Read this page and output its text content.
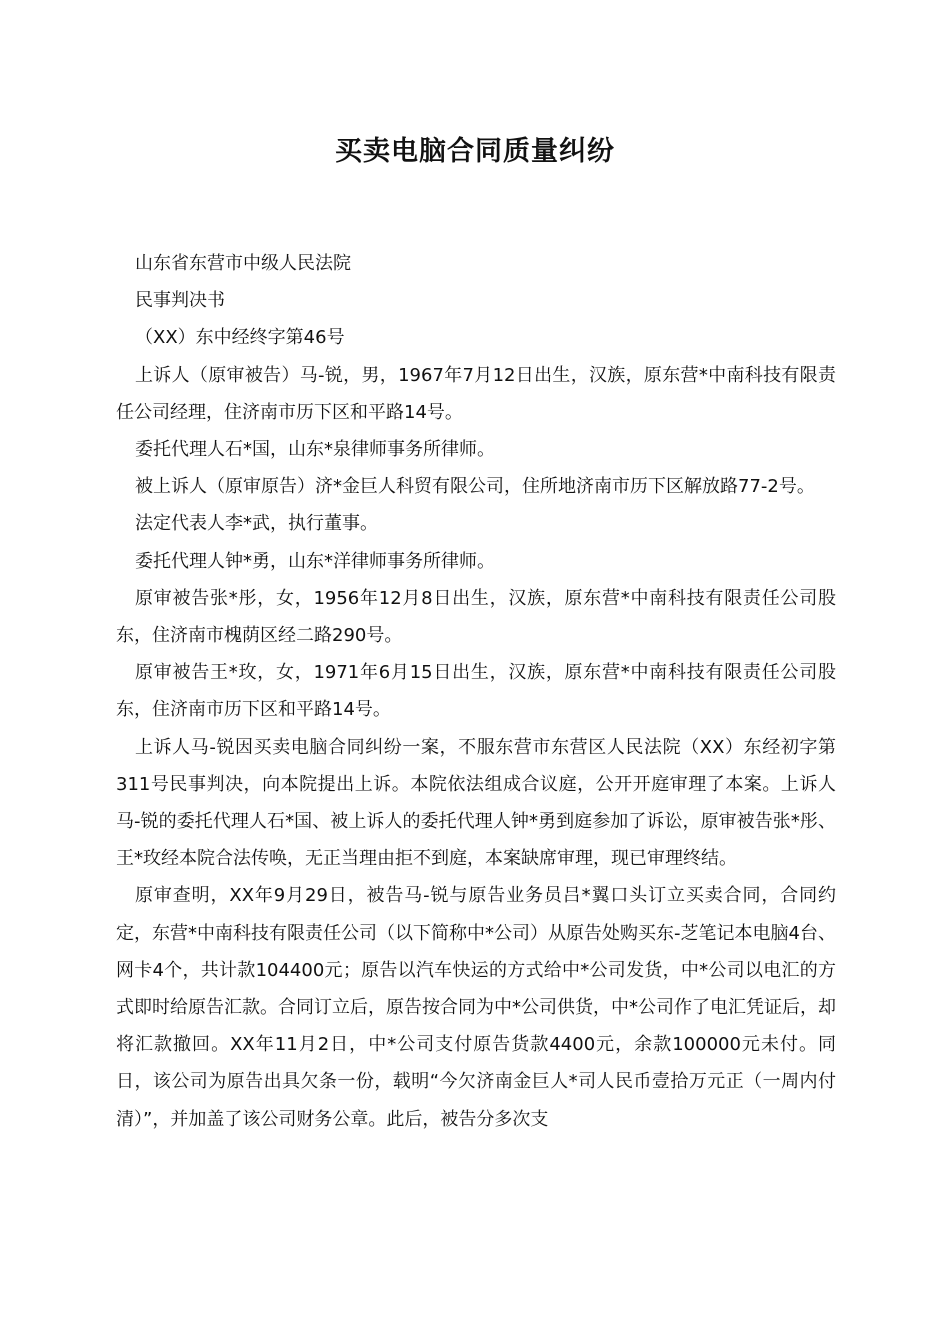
买卖电脑合同质量纠纷

山东省东营市中级人民法院

民事判决书

（XX）东中经终字第46号

上诉人（原审被告）马-锐，男，1967年7月12日出生，汉族，原东营*中南科技有限责任公司经理，住济南市历下区和平路14号。

委托代理人石*国，山东*泉律师事务所律师。

被上诉人（原审原告）济*金巨人科贸有限公司，住所地济南市历下区解放路77-2号。

法定代表人李*武，执行董事。

委托代理人钟*勇，山东*洋律师事务所律师。

原审被告张*彤，女，1956年12月8日出生，汉族，原东营*中南科技有限责任公司股东，住济南市槐荫区经二路290号。

原审被告王*玫，女，1971年6月15日出生，汉族，原东营*中南科技有限责任公司股东，住济南市历下区和平路14号。

上诉人马-锐因买卖电脑合同纠纷一案，不服东营市东营区人民法院（XX）东经初字第311号民事判决，向本院提出上诉。本院依法组成合议庭，公开开庭审理了本案。上诉人马-锐的委托代理人石*国、被上诉人的委托代理人钟*勇到庭参加了诉讼，原审被告张*彤、王*玫经本院合法传唤，无正当理由拒不到庭，本案缺席审理，现已审理终结。

原审查明，XX年9月29日，被告马-锐与原告业务员吕*翼口头订立买卖合同，合同约定，东营*中南科技有限责任公司（以下简称中*公司）从原告处购买东-芝笔记本电脑4台、网卡4个，共计款104400元；原告以汽车快运的方式给中*公司发货，中*公司以电汇的方式即时给原告汇款。合同订立后，原告按合同为中*公司供货，中*公司作了电汇凭证后，却将汇款撤回。XX年11月2日，中*公司支付原告货款4400元，余款100000元未付。同日，该公司为原告出具欠条一份，载明“今欠济南金巨人*司人民币壹拾万元正（一周内付清）”，并加盖了该公司财务公章。此后，被告分多次支
